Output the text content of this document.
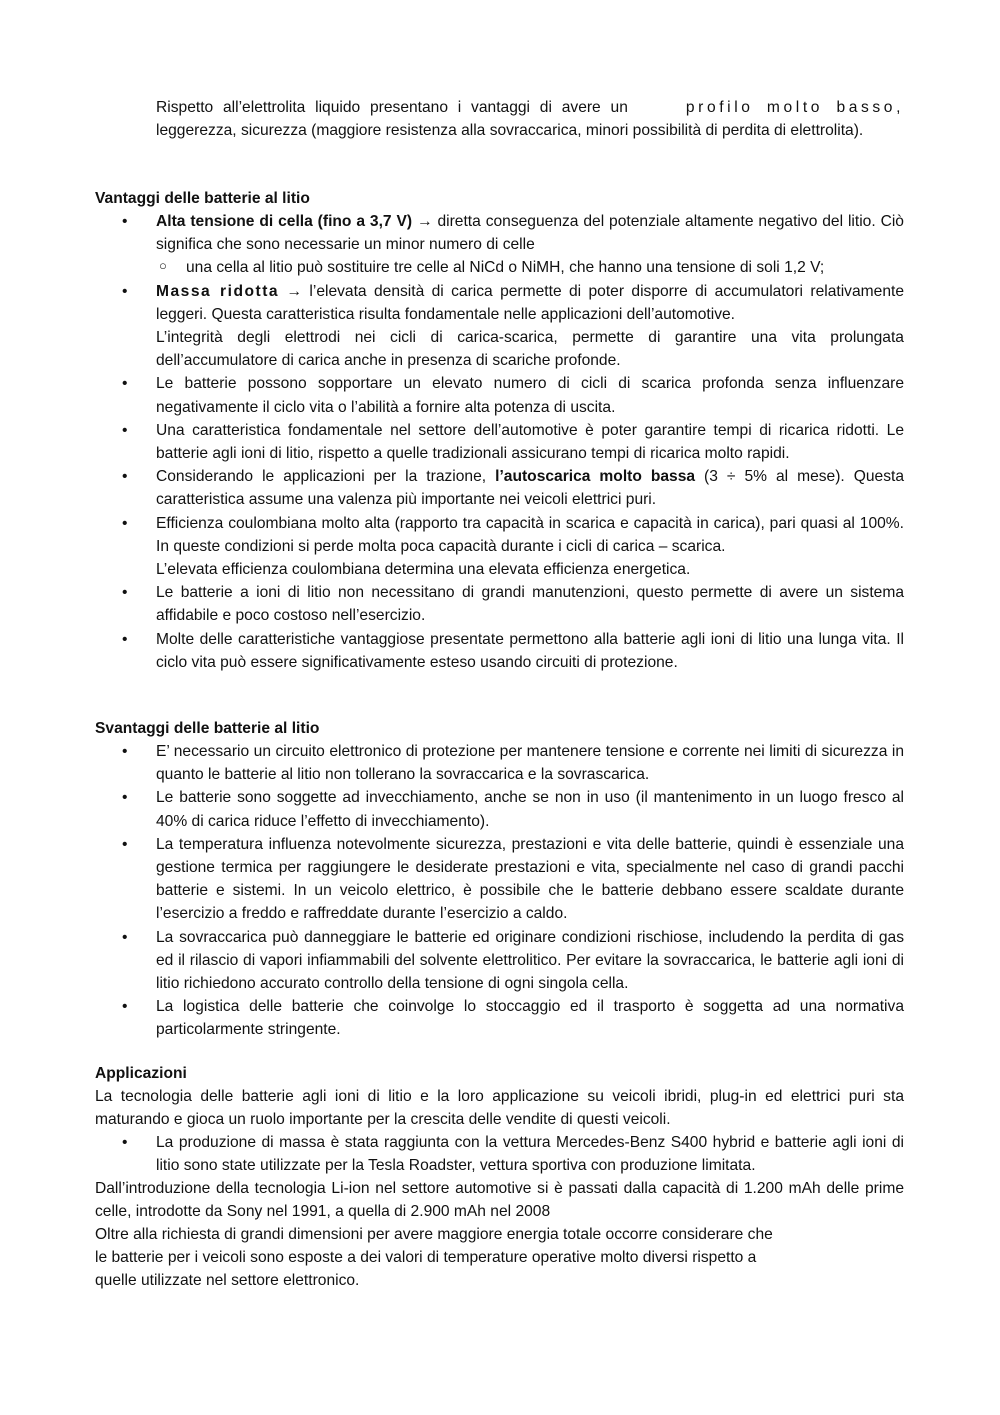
Rispetto all’elettrolita liquido presentano i vantaggi di avere un	profilo molto basso, leggerezza, sicurezza (maggiore resistenza alla sovraccarica, minori possibilità di perdita di elettrolita).

Vantaggi delle batterie al litio

• Alta tensione di cella (fino a 3,7 V) → diretta conseguenza del potenziale altamente negativo del litio. Ciò significa che sono necessarie un minor numero di celle
○ una cella al litio può sostituire tre celle al NiCd o NiMH, che hanno una tensione di soli 1,2 V;
• Massa ridotta → l’elevata densità di carica permette di poter disporre di accumulatori relativamente leggeri. Questa caratteristica risulta fondamentale nelle applicazioni dell’automotive.
L’integrità degli elettrodi nei cicli di carica-scarica, permette di garantire una vita prolungata dell’accumulatore di carica anche in presenza di scariche profonde.
• Le batterie possono sopportare un elevato numero di cicli di scarica profonda senza influenzare negativamente il ciclo vita o l’abilità a fornire alta potenza di uscita.
• Una caratteristica fondamentale nel settore dell’automotive è poter garantire tempi di ricarica ridotti. Le batterie agli ioni di litio, rispetto a quelle tradizionali assicurano tempi di ricarica molto rapidi.
• Considerando le applicazioni per la trazione, l’autoscarica molto bassa (3 ÷ 5% al mese). Questa caratteristica assume una valenza più importante nei veicoli elettrici puri.
• Efficienza coulombiana molto alta (rapporto tra capacità in scarica e capacità in carica), pari quasi al 100%. In queste condizioni si perde molta poca capacità durante i cicli di carica – scarica.
L’elevata efficienza coulombiana determina una elevata efficienza energetica.
• Le batterie a ioni di litio non necessitano di grandi manutenzioni, questo permette di avere un sistema affidabile e poco costoso nell’esercizio.
• Molte delle caratteristiche vantaggiose presentate permettono alla batterie agli ioni di litio una lunga vita. Il ciclo vita può essere significativamente esteso usando circuiti di protezione.

Svantaggi delle batterie al litio

• E’ necessario un circuito elettronico di protezione per mantenere tensione e corrente nei limiti di sicurezza in quanto le batterie al litio non tollerano la sovraccarica e la sovrascarica.
• Le batterie sono soggette ad invecchiamento, anche se non in uso (il mantenimento in un luogo fresco al 40% di carica riduce l’effetto di invecchiamento).
• La temperatura influenza notevolmente sicurezza, prestazioni e vita delle batterie, quindi è essenziale una gestione termica per raggiungere le desiderate prestazioni e vita, specialmente nel caso di grandi pacchi batterie e sistemi. In un veicolo elettrico, è possibile che le batterie debbano essere scaldate durante l’esercizio a freddo e raffreddate durante l’esercizio a caldo.
• La sovraccarica può danneggiare le batterie ed originare condizioni rischiose, includendo la perdita di gas ed il rilascio di vapori infiammabili del solvente elettrolitico. Per evitare la sovraccarica, le batterie agli ioni di litio richiedono accurato controllo della tensione di ogni singola cella.
• La logistica delle batterie che coinvolge lo stoccaggio ed il trasporto è soggetta ad una normativa particolarmente stringente.

Applicazioni

La tecnologia delle batterie agli ioni di litio e la loro applicazione su veicoli ibridi, plug-in ed elettrici puri sta maturando e gioca un ruolo importante per la crescita delle vendite di questi veicoli.

• La produzione di massa è stata raggiunta con la vettura Mercedes-Benz S400 hybrid e batterie agli ioni di litio sono state utilizzate per la Tesla Roadster, vettura sportiva con produzione limitata.

Dall’introduzione della tecnologia Li-ion nel settore automotive si è passati dalla capacità di 1.200 mAh delle prime celle, introdotte da Sony nel 1991, a quella di 2.900 mAh nel 2008

Oltre alla richiesta di grandi dimensioni per avere maggiore energia totale occorre considerare che
le batterie per i veicoli sono esposte a dei valori di temperature operative molto diversi rispetto a
quelle utilizzate nel settore elettronico.
